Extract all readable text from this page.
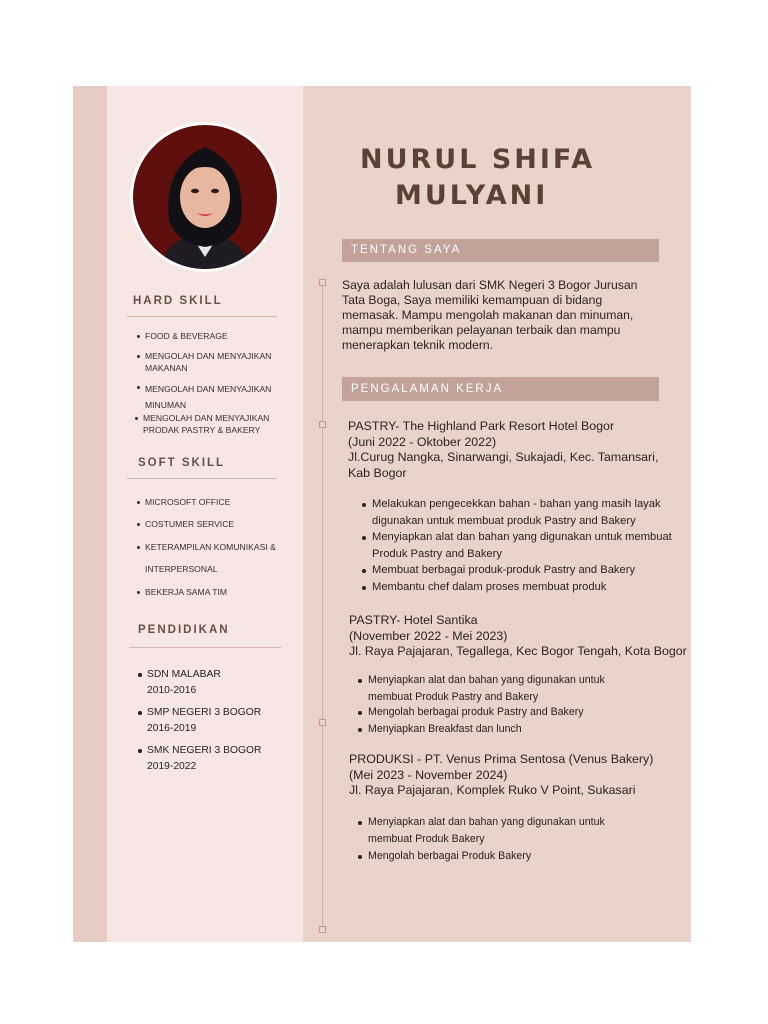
HARD SKILL
FOOD & BEVERAGE
MENGOLAH DAN MENYAJIKAN MAKANAN
MENGOLAH DAN MENYAJIKAN MINUMAN
MENGOLAH DAN MENYAJIKAN PRODAK PASTRY & BAKERY
SOFT SKILL
MICROSOFT OFFICE
COSTUMER SERVICE
KETERAMPILAN KOMUNIKASI &
INTERPERSONAL
BEKERJA SAMA TIM
PENDIDIKAN
SDN MALABAR
2010-2016
SMP NEGERI 3 BOGOR
2016-2019
SMK NEGERI 3 BOGOR
2019-2022
NURUL SHIFA
MULYANI
TENTANG SAYA
Saya adalah lulusan dari SMK Negeri 3 Bogor Jurusan Tata Boga, Saya memiliki kemampuan di bidang memasak. Mampu mengolah makanan dan minuman, mampu memberikan pelayanan terbaik dan mampu menerapkan teknik modern.
PENGALAMAN KERJA
PASTRY- The Highland Park Resort Hotel Bogor
(Juni 2022 - Oktober 2022)
Jl.Curug Nangka, Sinarwangi, Sukajadi, Kec. Tamansari, Kab Bogor
Melakukan pengecekkan bahan - bahan yang masih layak digunakan untuk membuat produk Pastry and Bakery
Menyiapkan alat dan bahan yang digunakan untuk membuat Produk Pastry and Bakery
Membuat berbagai produk-produk Pastry and Bakery
Membantu chef dalam proses membuat produk
PASTRY- Hotel Santika
(November 2022 - Mei 2023)
Jl. Raya Pajajaran, Tegallega, Kec Bogor Tengah, Kota Bogor
Menyiapkan alat dan bahan yang digunakan untuk membuat Produk Pastry and Bakery
Mengolah berbagai produk Pastry and Bakery
Menyiapkan Breakfast dan lunch
PRODUKSI - PT. Venus Prima Sentosa (Venus Bakery)
(Mei 2023 - November 2024)
Jl. Raya Pajajaran, Komplek Ruko V Point, Sukasari
Menyiapkan alat dan bahan yang digunakan untuk membuat Produk Bakery
Mengolah berbagai Produk Bakery
